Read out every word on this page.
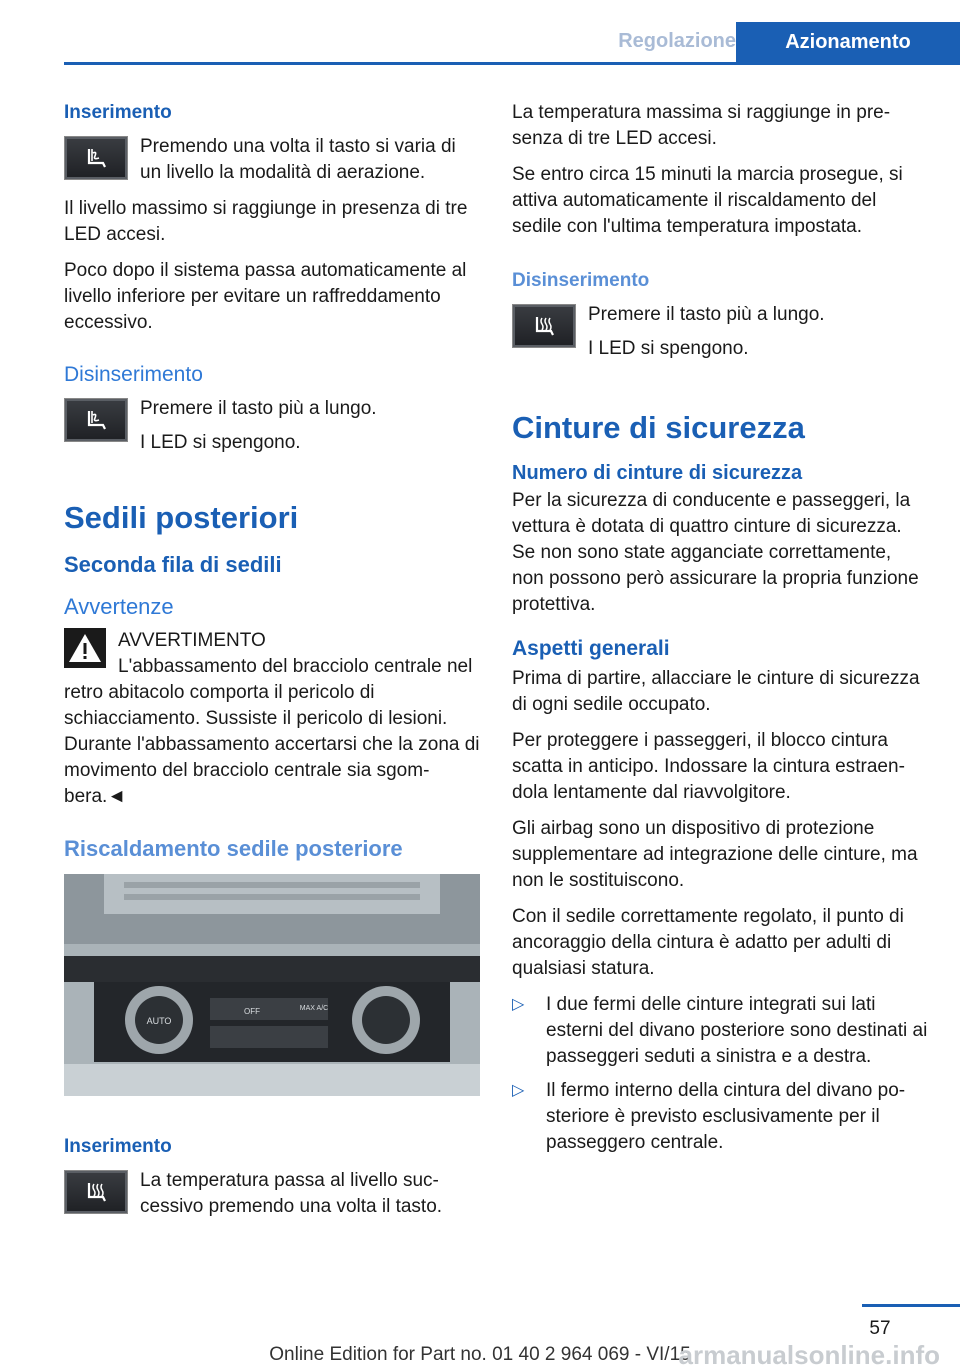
Regolazione	Azionamento
Inserimento

Premendo una volta il tasto si varia di un livello la modalità di aerazione.

Il livello massimo si raggiunge in presenza di tre LED accesi.

Poco dopo il sistema passa automaticamente al livello inferiore per evitare un raffreddamento eccessivo.

Disinserimento

Premere il tasto più a lungo.

I LED si spengono.

Sedili posteriori
Seconda fila di sedili
Avvertenze

AVVERTIMENTO

L'abbassamento del bracciolo centrale nel retro abitacolo comporta il pericolo di schiacciamento. Sussiste il pericolo di lesioni. Durante l'abbassamento accertarsi che la zona di movimento del bracciolo centrale sia sgombera.◄

Riscaldamento sedile posteriore
AUTO
OFF	MAX A/C
Inserimento

La temperatura passa al livello successivo premendo una volta il tasto.

La temperatura massima si raggiunge in presenza di tre LED accesi.

Se entro circa 15 minuti la marcia prosegue, si attiva automaticamente il riscaldamento del sedile con l'ultima temperatura impostata.

Disinserimento

Premere il tasto più a lungo.

I LED si spengono.

Cinture di sicurezza
Numero di cinture di sicurezza

Per la sicurezza di conducente e passeggeri, la vettura è dotata di quattro cinture di sicurezza. Se non sono state agganciate correttamente, non possono però assicurare la propria funzione protettiva.

Aspetti generali

Prima di partire, allacciare le cinture di sicurezza di ogni sedile occupato.

Per proteggere i passeggeri, il blocco cintura scatta in anticipo. Indossare la cintura estraendola lentamente dal riavvolgitore.

Gli airbag sono un dispositivo di protezione supplementare ad integrazione delle cinture, ma non le sostituiscono.

Con il sedile correttamente regolato, il punto di ancoraggio della cintura è adatto per adulti di qualsiasi statura.

▷	I due fermi delle cinture integrati sui lati esterni del divano posteriore sono destinati ai passeggeri seduti a sinistra e a destra.
▷	Il fermo interno della cintura del divano posteriore è previsto esclusivamente per il passeggero centrale.
57
Online Edition for Part no. 01 40 2 964 069 - VI/15
armanualsonline.info
